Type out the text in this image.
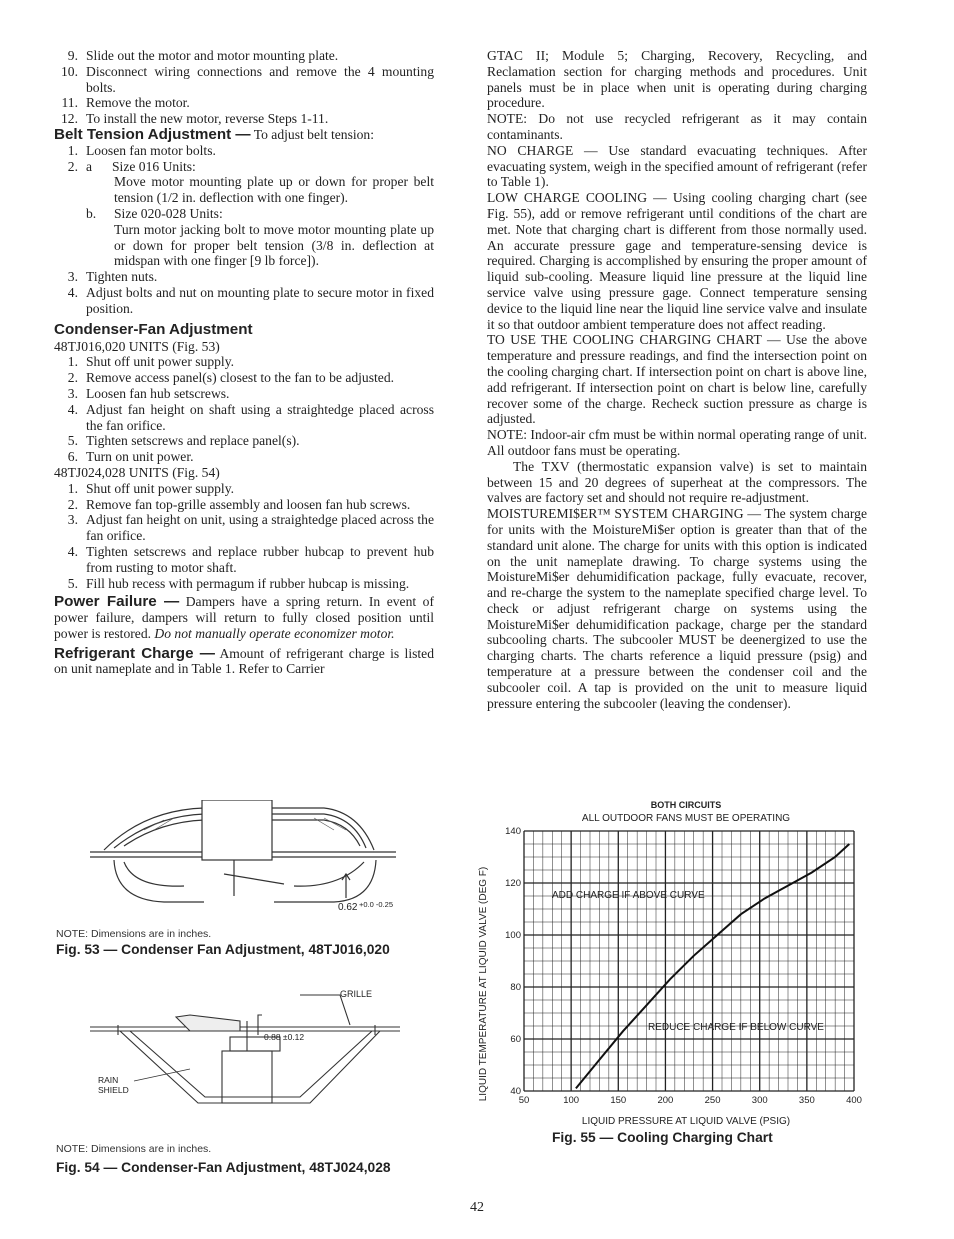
9. Slide out the motor and motor mounting plate.
10. Disconnect wiring connections and remove the 4 mounting bolts.
11. Remove the motor.
12. To install the new motor, reverse Steps 1-11.
Belt Tension Adjustment — To adjust belt tension:
1. Loosen fan motor bolts.
2. a Size 016 Units:
Move motor mounting plate up or down for proper belt tension (1/2 in. deflection with one finger).
b. Size 020-028 Units:
Turn motor jacking bolt to move motor mounting plate up or down for proper belt tension (3/8 in. deflection at midspan with one finger [9 lb force]).
3. Tighten nuts.
4. Adjust bolts and nut on mounting plate to secure motor in fixed position.
Condenser-Fan Adjustment

48TJ016,020 UNITS (Fig. 53)

1. Shut off unit power supply.
2. Remove access panel(s) closest to the fan to be adjusted.
3. Loosen fan hub setscrews.
4. Adjust fan height on shaft using a straightedge placed across the fan orifice.
5. Tighten setscrews and replace panel(s).
6. Turn on unit power.

48TJ024,028 UNITS (Fig. 54)

1. Shut off unit power supply.
2. Remove fan top-grille assembly and loosen fan hub screws.
3. Adjust fan height on unit, using a straightedge placed across the fan orifice.
4. Tighten setscrews and replace rubber hubcap to prevent hub from rusting to motor shaft.
5. Fill hub recess with permagum if rubber hubcap is missing.

Power Failure — Dampers have a spring return. In event of power failure, dampers will return to fully closed position until power is restored. Do not manually operate economizer motor.

Refrigerant Charge — Amount of refrigerant charge is listed on unit nameplate and in Table 1. Refer to Carrier

0.62 +0.0 -0.25
NOTE: Dimensions are in inches.
Fig. 53 — Condenser Fan Adjustment, 48TJ016,020
GRILLE
0.88 ±0.12
RAIN
SHIELD
NOTE: Dimensions are in inches.
Fig. 54 — Condenser-Fan Adjustment, 48TJ024,028

GTAC II; Module 5; Charging, Recovery, Recycling, and Reclamation section for charging methods and procedures. Unit panels must be in place when unit is operating during charging procedure.

NOTE: Do not use recycled refrigerant as it may contain contaminants.

NO CHARGE — Use standard evacuating techniques. After evacuating system, weigh in the specified amount of refrigerant (refer to Table 1).

LOW CHARGE COOLING — Using cooling charging chart (see Fig. 55), add or remove refrigerant until conditions of the chart are met. Note that charging chart is different from those normally used. An accurate pressure gage and temperature-sensing device is required. Charging is accomplished by ensuring the proper amount of liquid sub-cooling. Measure liquid line pressure at the liquid line service valve using pressure gage. Connect temperature sensing device to the liquid line near the liquid line service valve and insulate it so that outdoor ambient temperature does not affect reading.

TO USE THE COOLING CHARGING CHART — Use the above temperature and pressure readings, and find the intersection point on the cooling charging chart. If intersection point on chart is above line, add refrigerant. If intersection point on chart is below line, carefully recover some of the charge. Recheck suction pressure as charge is adjusted.

NOTE: Indoor-air cfm must be within normal operating range of unit. All outdoor fans must be operating.

The TXV (thermostatic expansion valve) is set to maintain between 15 and 20 degrees of superheat at the compressors. The valves are factory set and should not require re-adjustment.

MOISTUREMI$ER™ SYSTEM CHARGING — The system charge for units with the MoistureMi$er option is greater than that of the standard unit alone. The charge for units with this option is indicated on the unit nameplate drawing. To charge systems using the MoistureMi$er dehumidification package, fully evacuate, recover, and re-charge the system to the nameplate specified charge level. To check or adjust refrigerant charge on systems using the MoistureMi$er dehumidification package, charge per the standard subcooling charts. The subcooler MUST be deenergized to use the charging charts. The charts reference a liquid pressure (psig) and temperature at a pressure between the condenser coil and the subcooler coil. A tap is provided on the unit to measure liquid pressure entering the subcooler (leaving the condenser).

BOTH CIRCUITS
ALL OUTDOOR FANS MUST BE OPERATING
50	100	150	200	250	300	350	400
40
60
80
100
120
140
ADD CHARGE IF ABOVE CURVE
REDUCE CHARGE IF BELOW CURVE
LIQUID PRESSURE AT LIQUID VALVE (PSIG)
LIQUID TEMPERATURE AT LIQUID VALVE (DEG F)
Fig. 55 — Cooling Charging Chart
42
